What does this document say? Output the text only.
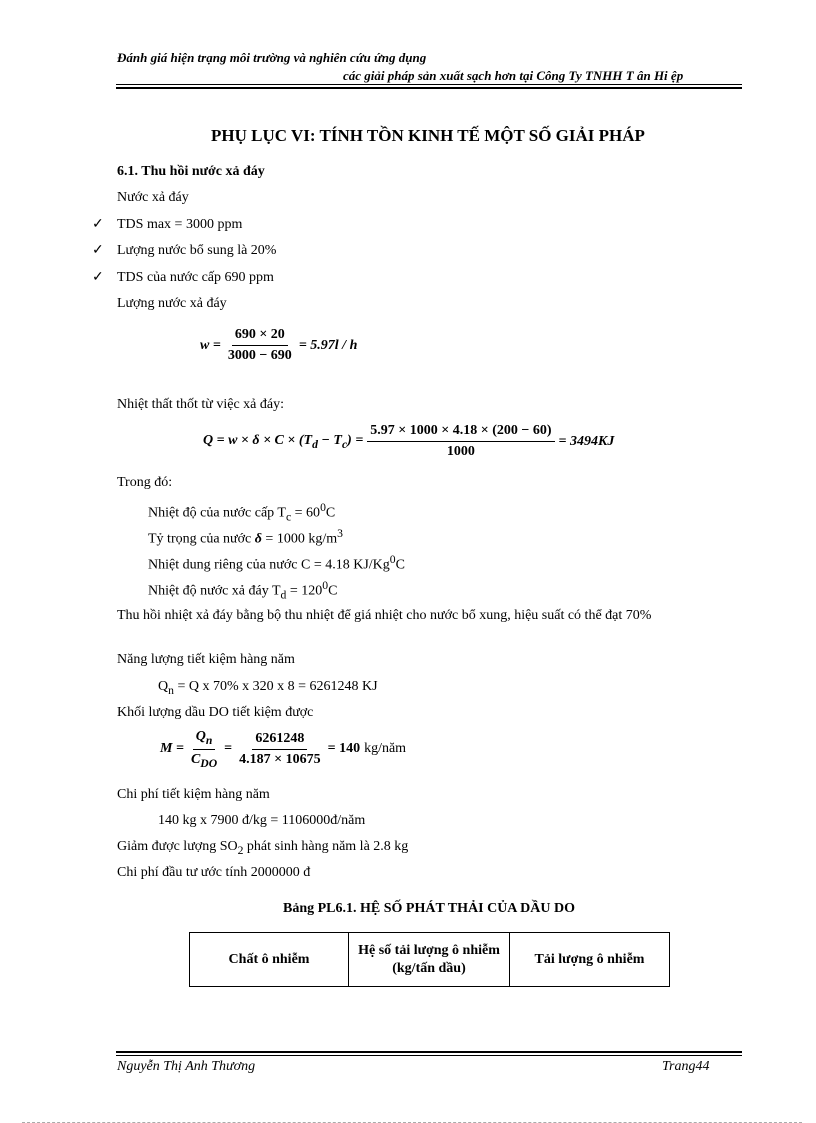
Đánh giá hiện trạng môi trường và nghiên cứu ứng dụng
các giải pháp sản xuất sạch hơn tại Công Ty TNHH T ân Hi ệp
PHỤ LỤC VI: TÍNH TỒN KINH TẾ MỘT SỐ GIẢI PHÁP
6.1. Thu hồi nước xả đáy
Nước xả đáy
✓ TDS max = 3000 ppm
✓ Lượng nước bổ sung là 20%
✓ TDS của nước cấp 690 ppm
Lượng nước xả đáy
$w = \frac{690 \times 20}{3000 - 690} = 5.97l / h$
Nhiệt thất thốt từ việc xả đáy:
$Q = w \times \delta \times C \times (T_d - T_c) = \frac{5.97 \times 1000 \times 4.18 \times (200 - 60)}{1000} = 3494KJ$
Trong đó:
Nhiệt độ của nước cấp $T_c = 60^0C$
Tỷ trọng của nước δ = 1000 $kg/m^3$
Nhiệt dung riêng của nước C = 4.18 KJ/Kg$^0$C
Nhiệt độ nước xả đáy $T_d = 120^0C$
Thu hồi nhiệt xả đáy bằng bộ thu nhiệt để giá nhiệt cho nước bổ xung, hiệu suất có thể đạt 70%
Năng lượng tiết kiệm hàng năm
$Q_n = Q$ x 70% x 320 x 8 = 6261248 KJ
Khối lượng dầu DO tiết kiệm được
$M = \frac{Q_n}{C_{DO}} = \frac{6261248}{4.187 \times 10675} = 140$ kg/năm
Chi phí tiết kiệm hàng năm
140 kg x 7900 đ/kg = 1106000đ/năm
Giảm được lượng $SO_2$ phát sinh hàng năm là 2.8 kg
Chi phí đầu tư ước tính 2000000 đ
Bảng PL6.1. HỆ SỐ PHÁT THẢI CỦA DẦU DO
Chất ô nhiễm	Hệ số tải lượng ô nhiễm (kg/tấn dầu)	Tải lượng ô nhiễm
Nguyễn Thị Anh Thương	Trang44
